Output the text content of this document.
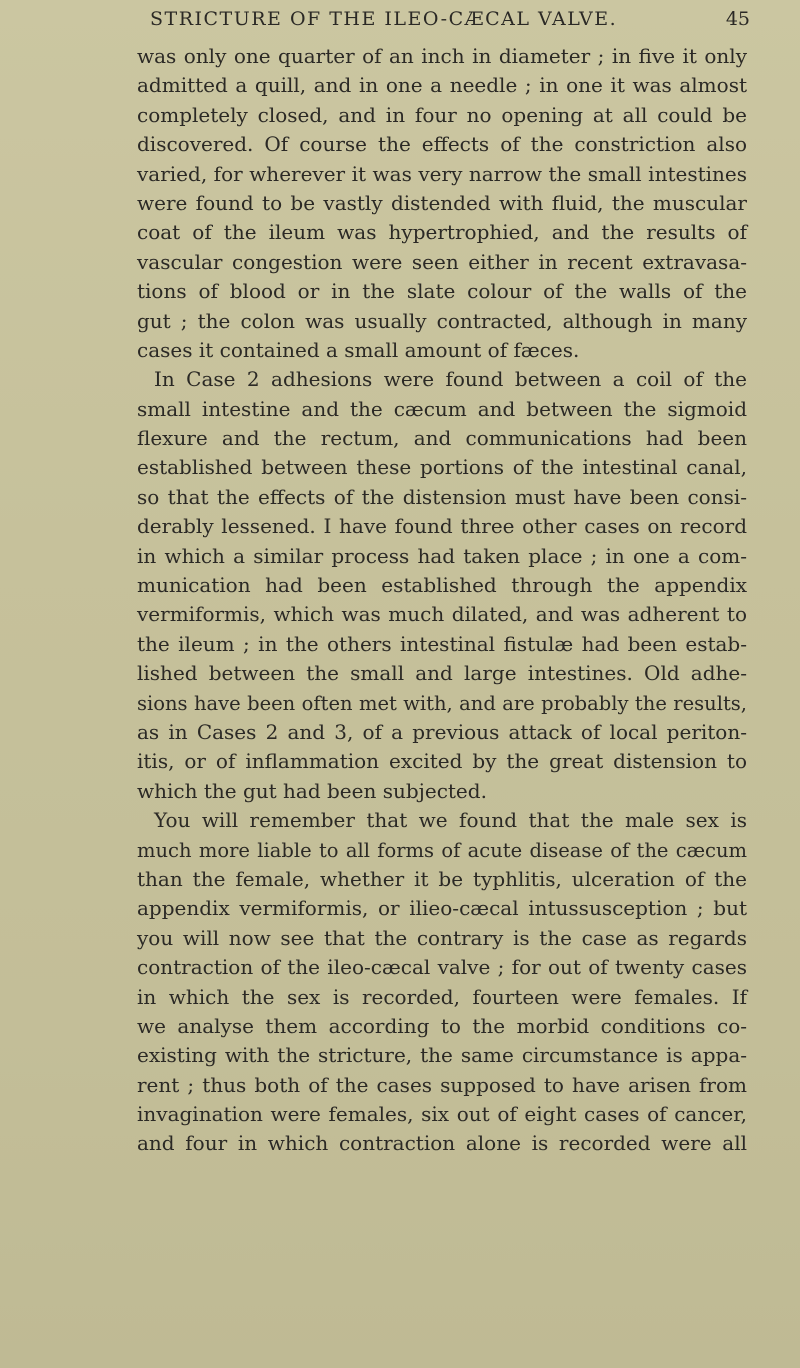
STRICTURE OF THE ILEO-CÆCAL VALVE.	45
was only one quarter of an inch in diameter ; in five it only
admitted a quill, and in one a needle ; in one it was almost
completely closed, and in four no opening at all could be
discovered. Of course the effects of the constriction also
varied, for wherever it was very narrow the small intestines
were found to be vastly distended with fluid, the muscular
coat of the ileum was hypertrophied, and the results of
vascular congestion were seen either in recent extravasa-
tions of blood or in the slate colour of the walls of the
gut ; the colon was usually contracted, although in many
cases it contained a small amount of fæces.
In Case 2 adhesions were found between a coil of the
small intestine and the cæcum and between the sigmoid
flexure and the rectum, and communications had been
established between these portions of the intestinal canal,
so that the effects of the distension must have been consi-
derably lessened. I have found three other cases on record
in which a similar process had taken place ; in one a com-
munication had been established through the appendix
vermiformis, which was much dilated, and was adherent to
the ileum ; in the others intestinal fistulæ had been estab-
lished between the small and large intestines. Old adhe-
sions have been often met with, and are probably the results,
as in Cases 2 and 3, of a previous attack of local periton-
itis, or of inflammation excited by the great distension to
which the gut had been subjected.
You will remember that we found that the male sex is
much more liable to all forms of acute disease of the cæcum
than the female, whether it be typhlitis, ulceration of the
appendix vermiformis, or ilieo-cæcal intussusception ; but
you will now see that the contrary is the case as regards
contraction of the ileo-cæcal valve ; for out of twenty cases
in which the sex is recorded, fourteen were females. If
we analyse them according to the morbid conditions co-
existing with the stricture, the same circumstance is appa-
rent ; thus both of the cases supposed to have arisen from
invagination were females, six out of eight cases of cancer,
and four in which contraction alone is recorded were all
